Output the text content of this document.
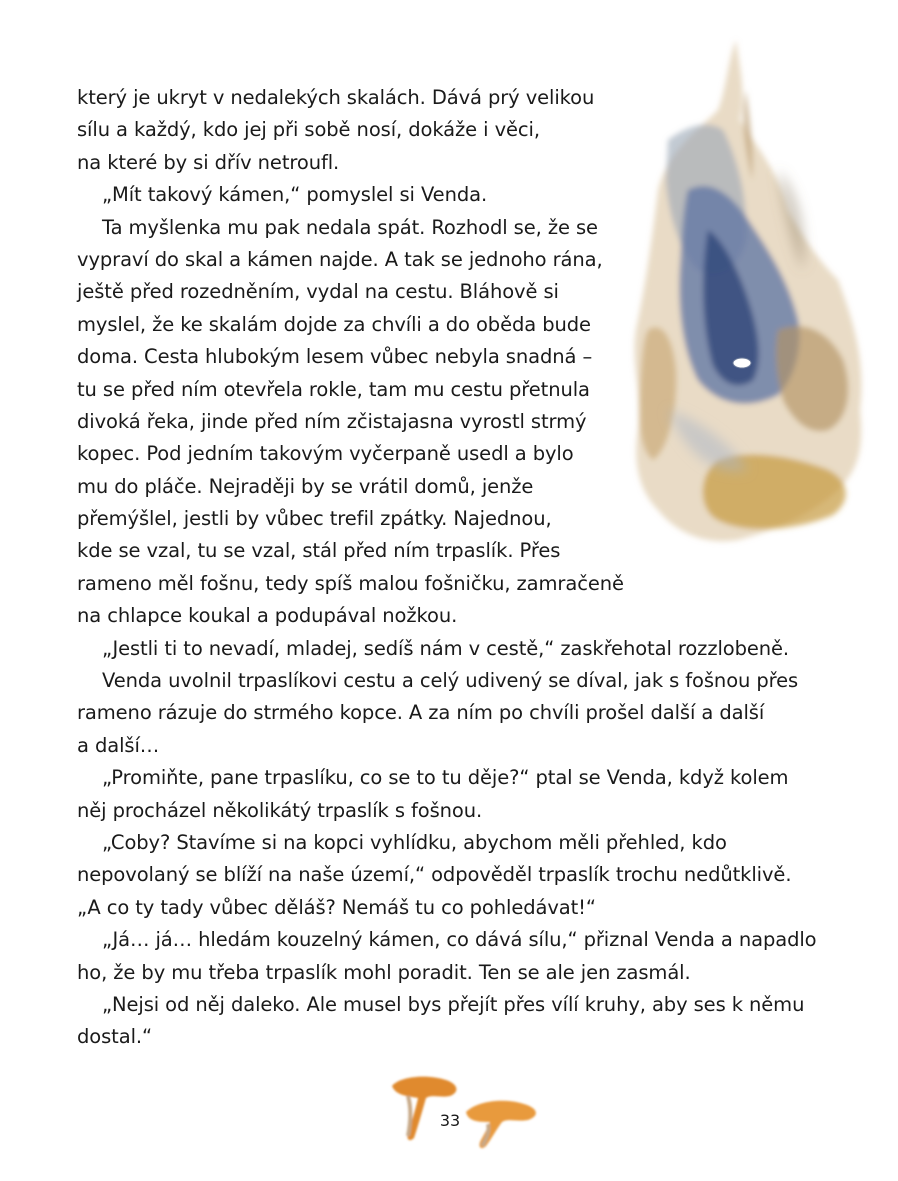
který je ukryt v nedalekých skalách. Dává prý velikou
sílu a každý, kdo jej při sobě nosí, dokáže i věci,
na které by si dřív netroufl.
„Mít takový kámen,“ pomyslel si Venda.
Ta myšlenka mu pak nedala spát. Rozhodl se, že se
vypraví do skal a kámen najde. A tak se jednoho rána,
ještě před rozedněním, vydal na cestu. Bláhově si
myslel, že ke skalám dojde za chvíli a do oběda bude
doma. Cesta hlubokým lesem vůbec nebyla snadná –
tu se před ním otevřela rokle, tam mu cestu přetnula
divoká řeka, jinde před ním zčistajasna vyrostl strmý
kopec. Pod jedním takovým vyčerpaně usedl a bylo
mu do pláče. Nejraději by se vrátil domů, jenže
přemýšlel, jestli by vůbec trefil zpátky. Najednou,
kde se vzal, tu se vzal, stál před ním trpaslík. Přes
rameno měl fošnu, tedy spíš malou fošničku, zamračeně
na chlapce koukal a podupával nožkou.
„Jestli ti to nevadí, mladej, sedíš nám v cestě,“ zaskřehotal rozzlobeně.
Venda uvolnil trpaslíkovi cestu a celý udivený se díval, jak s fošnou přes
rameno rázuje do strmého kopce. A za ním po chvíli prošel další a další
a další…
„Promiňte, pane trpaslíku, co se to tu děje?“ ptal se Venda, když kolem
něj procházel několikátý trpaslík s fošnou.
„Coby? Stavíme si na kopci vyhlídku, abychom měli přehled, kdo
nepovolaný se blíží na naše území,“ odpověděl trpaslík trochu nedůtklivě.
„A co ty tady vůbec děláš? Nemáš tu co pohledávat!“
„Já… já… hledám kouzelný kámen, co dává sílu,“ přiznal Venda a napadlo
ho, že by mu třeba trpaslík mohl poradit. Ten se ale jen zasmál.
„Nejsi od něj daleko. Ale musel bys přejít přes vílí kruhy, aby ses k němu
dostal.“
33
